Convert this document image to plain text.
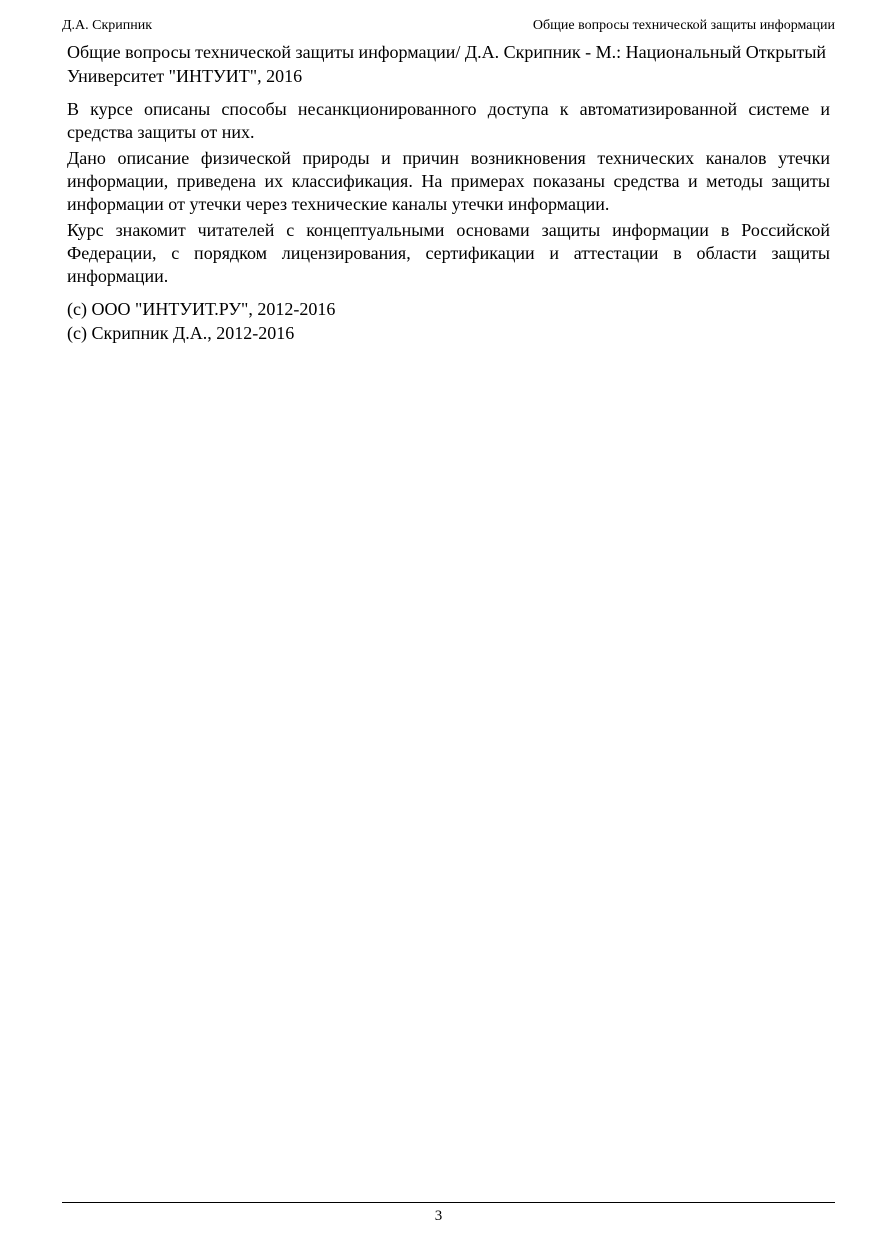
Д.А. Скрипник	Общие вопросы технической защиты информации
Общие вопросы технической защиты информации/ Д.А. Скрипник - М.: Национальный Открытый Университет "ИНТУИТ", 2016

В курсе описаны способы несанкционированного доступа к автоматизированной системе и средства защиты от них.

Дано описание физической природы и причин возникновения технических каналов утечки информации, приведена их классификация. На примерах показаны средства и методы защиты информации от утечки через технические каналы утечки информации.

Курс знакомит читателей с концептуальными основами защиты информации в Российской Федерации, с порядком лицензирования, сертификации и аттестации в области защиты информации.

(c) ООО "ИНТУИТ.РУ", 2012-2016
(c) Скрипник Д.А., 2012-2016
3
